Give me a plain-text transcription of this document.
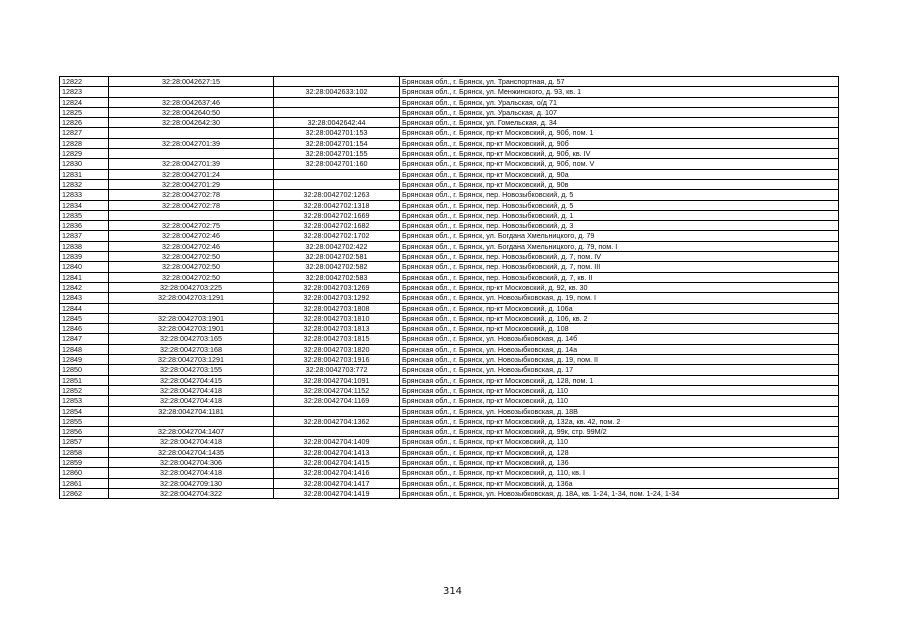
12822	32:28:0042627:15		Брянская обл., г. Брянск, ул. Транспортная, д. 57
12823		32:28:0042633:102	Брянская обл., г. Брянск, ул. Менжинского, д. 93, кв. 1
12824	32:28:0042637:46		Брянская обл., г. Брянск, ул. Уральская, о/д 71
12825	32:28:0042640:50		Брянская обл., г. Брянск, ул. Уральская, д. 107
12826	32:28:0042642:30	32:28:0042642:44	Брянская обл., г. Брянск, ул. Гомельская, д. 34
12827		32:28:0042701:153	Брянская обл., г. Брянск, пр-кт Московский, д. 90б, пом. 1
12828	32:28:0042701:39	32:28:0042701:154	Брянская обл., г. Брянск, пр-кт Московский, д. 90б
12829		32:28:0042701:155	Брянская обл., г. Брянск, пр-кт Московский, д. 90б, кв. IV
12830	32:28:0042701:39	32:28:0042701:160	Брянская обл., г. Брянск, пр-кт Московский, д. 90б, пом. V
12831	32:28:0042701:24		Брянская обл., г. Брянск, пр-кт Московский, д. 90а
12832	32:28:0042701:29		Брянская обл., г. Брянск, пр-кт Московский, д. 90в
12833	32:28:0042702:78	32:28:0042702:1263	Брянская обл., г. Брянск, пер. Новозыбковский, д. 5
12834	32:28:0042702:78	32:28:0042702:1318	Брянская обл., г. Брянск, пер. Новозыбковский, д. 5
12835		32:28:0042702:1669	Брянская обл., г. Брянск, пер. Новозыбковский, д. 1
12836	32:28:0042702:75	32:28:0042702:1682	Брянская обл., г. Брянск, пер. Новозыбковский, д. 3
12837	32:28:0042702:46	32:28:0042702:1702	Брянская обл., г. Брянск, ул. Богдана Хмельницкого, д. 79
12838	32:28:0042702:46	32:28:0042702:422	Брянская обл., г. Брянск, ул. Богдана Хмельницкого, д. 79, пом. I
12839	32:28:0042702:50	32:28:0042702:581	Брянская обл., г. Брянск, пер. Новозыбковский, д. 7, пом. IV
12840	32:28:0042702:50	32:28:0042702:582	Брянская обл., г. Брянск, пер. Новозыбковский, д. 7, пом. III
12841	32:28:0042702:50	32:28:0042702:583	Брянская обл., г. Брянск, пер. Новозыбковский, д. 7, кв. II
12842	32:28:0042703:225	32:28:0042703:1269	Брянская обл., г. Брянск, пр-кт Московский, д. 92, кв. 30
12843	32:28:0042703:1291	32:28:0042703:1292	Брянская обл., г. Брянск, ул. Новозыбковская, д. 19, пом. I
12844		32:28:0042703:1808	Брянская обл., г. Брянск, пр-кт Московский, д. 106а
12845	32:28:0042703:1901	32:28:0042703:1810	Брянская обл., г. Брянск, пр-кт Московский, д. 106, кв. 2
12846	32:28:0042703:1901	32:28:0042703:1813	Брянская обл., г. Брянск, пр-кт Московский, д. 108
12847	32:28:0042703:165	32:28:0042703:1815	Брянская обл., г. Брянск, ул. Новозыбковская, д. 14б
12848	32:28:0042703:168	32:28:0042703:1820	Брянская обл., г. Брянск, ул. Новозыбковская, д. 14а
12849	32:28:0042703:1291	32:28:0042703:1916	Брянская обл., г. Брянск, ул. Новозыбковская, д. 19, пом. II
12850	32:28:0042703:155	32:28:0042703:772	Брянская обл., г. Брянск, ул. Новозыбковская, д. 17
12851	32:28:0042704:415	32:28:0042704:1091	Брянская обл., г. Брянск, пр-кт Московский, д. 128, пом. 1
12852	32:28:0042704:418	32:28:0042704:1152	Брянская обл., г. Брянск, пр-кт Московский, д. 110
12853	32:28:0042704:418	32:28:0042704:1169	Брянская обл., г. Брянск, пр-кт Московский, д. 110
12854	32:28:0042704:1181		Брянская обл., г. Брянск, ул. Новозыбковская, д. 18В
12855		32:28:0042704:1362	Брянская обл., г. Брянск, пр-кт Московский, д. 132а, кв. 42, пом. 2
12856	32:28:0042704:1407		Брянская обл., г. Брянск, пр-кт Московский, д. 99к, стр. 99М/2
12857	32:28:0042704:418	32:28:0042704:1409	Брянская обл., г. Брянск, пр-кт Московский, д. 110
12858	32:28:0042704:1435	32:28:0042704:1413	Брянская обл., г. Брянск, пр-кт Московский, д. 128
12859	32:28:0042704:306	32:28:0042704:1415	Брянская обл., г. Брянск, пр-кт Московский, д. 136
12860	32:28:0042704:418	32:28:0042704:1416	Брянская обл., г. Брянск, пр-кт Московский, д. 110, кв. I
12861	32:28:0042709:130	32:28:0042704:1417	Брянская обл., г. Брянск, пр-кт Московский, д. 136а
12862	32:28:0042704:322	32:28:0042704:1419	Брянская обл., г. Брянск, ул. Новозыбковская, д. 18А, кв. 1-24, 1-34, пом. 1-24, 1-34
314
